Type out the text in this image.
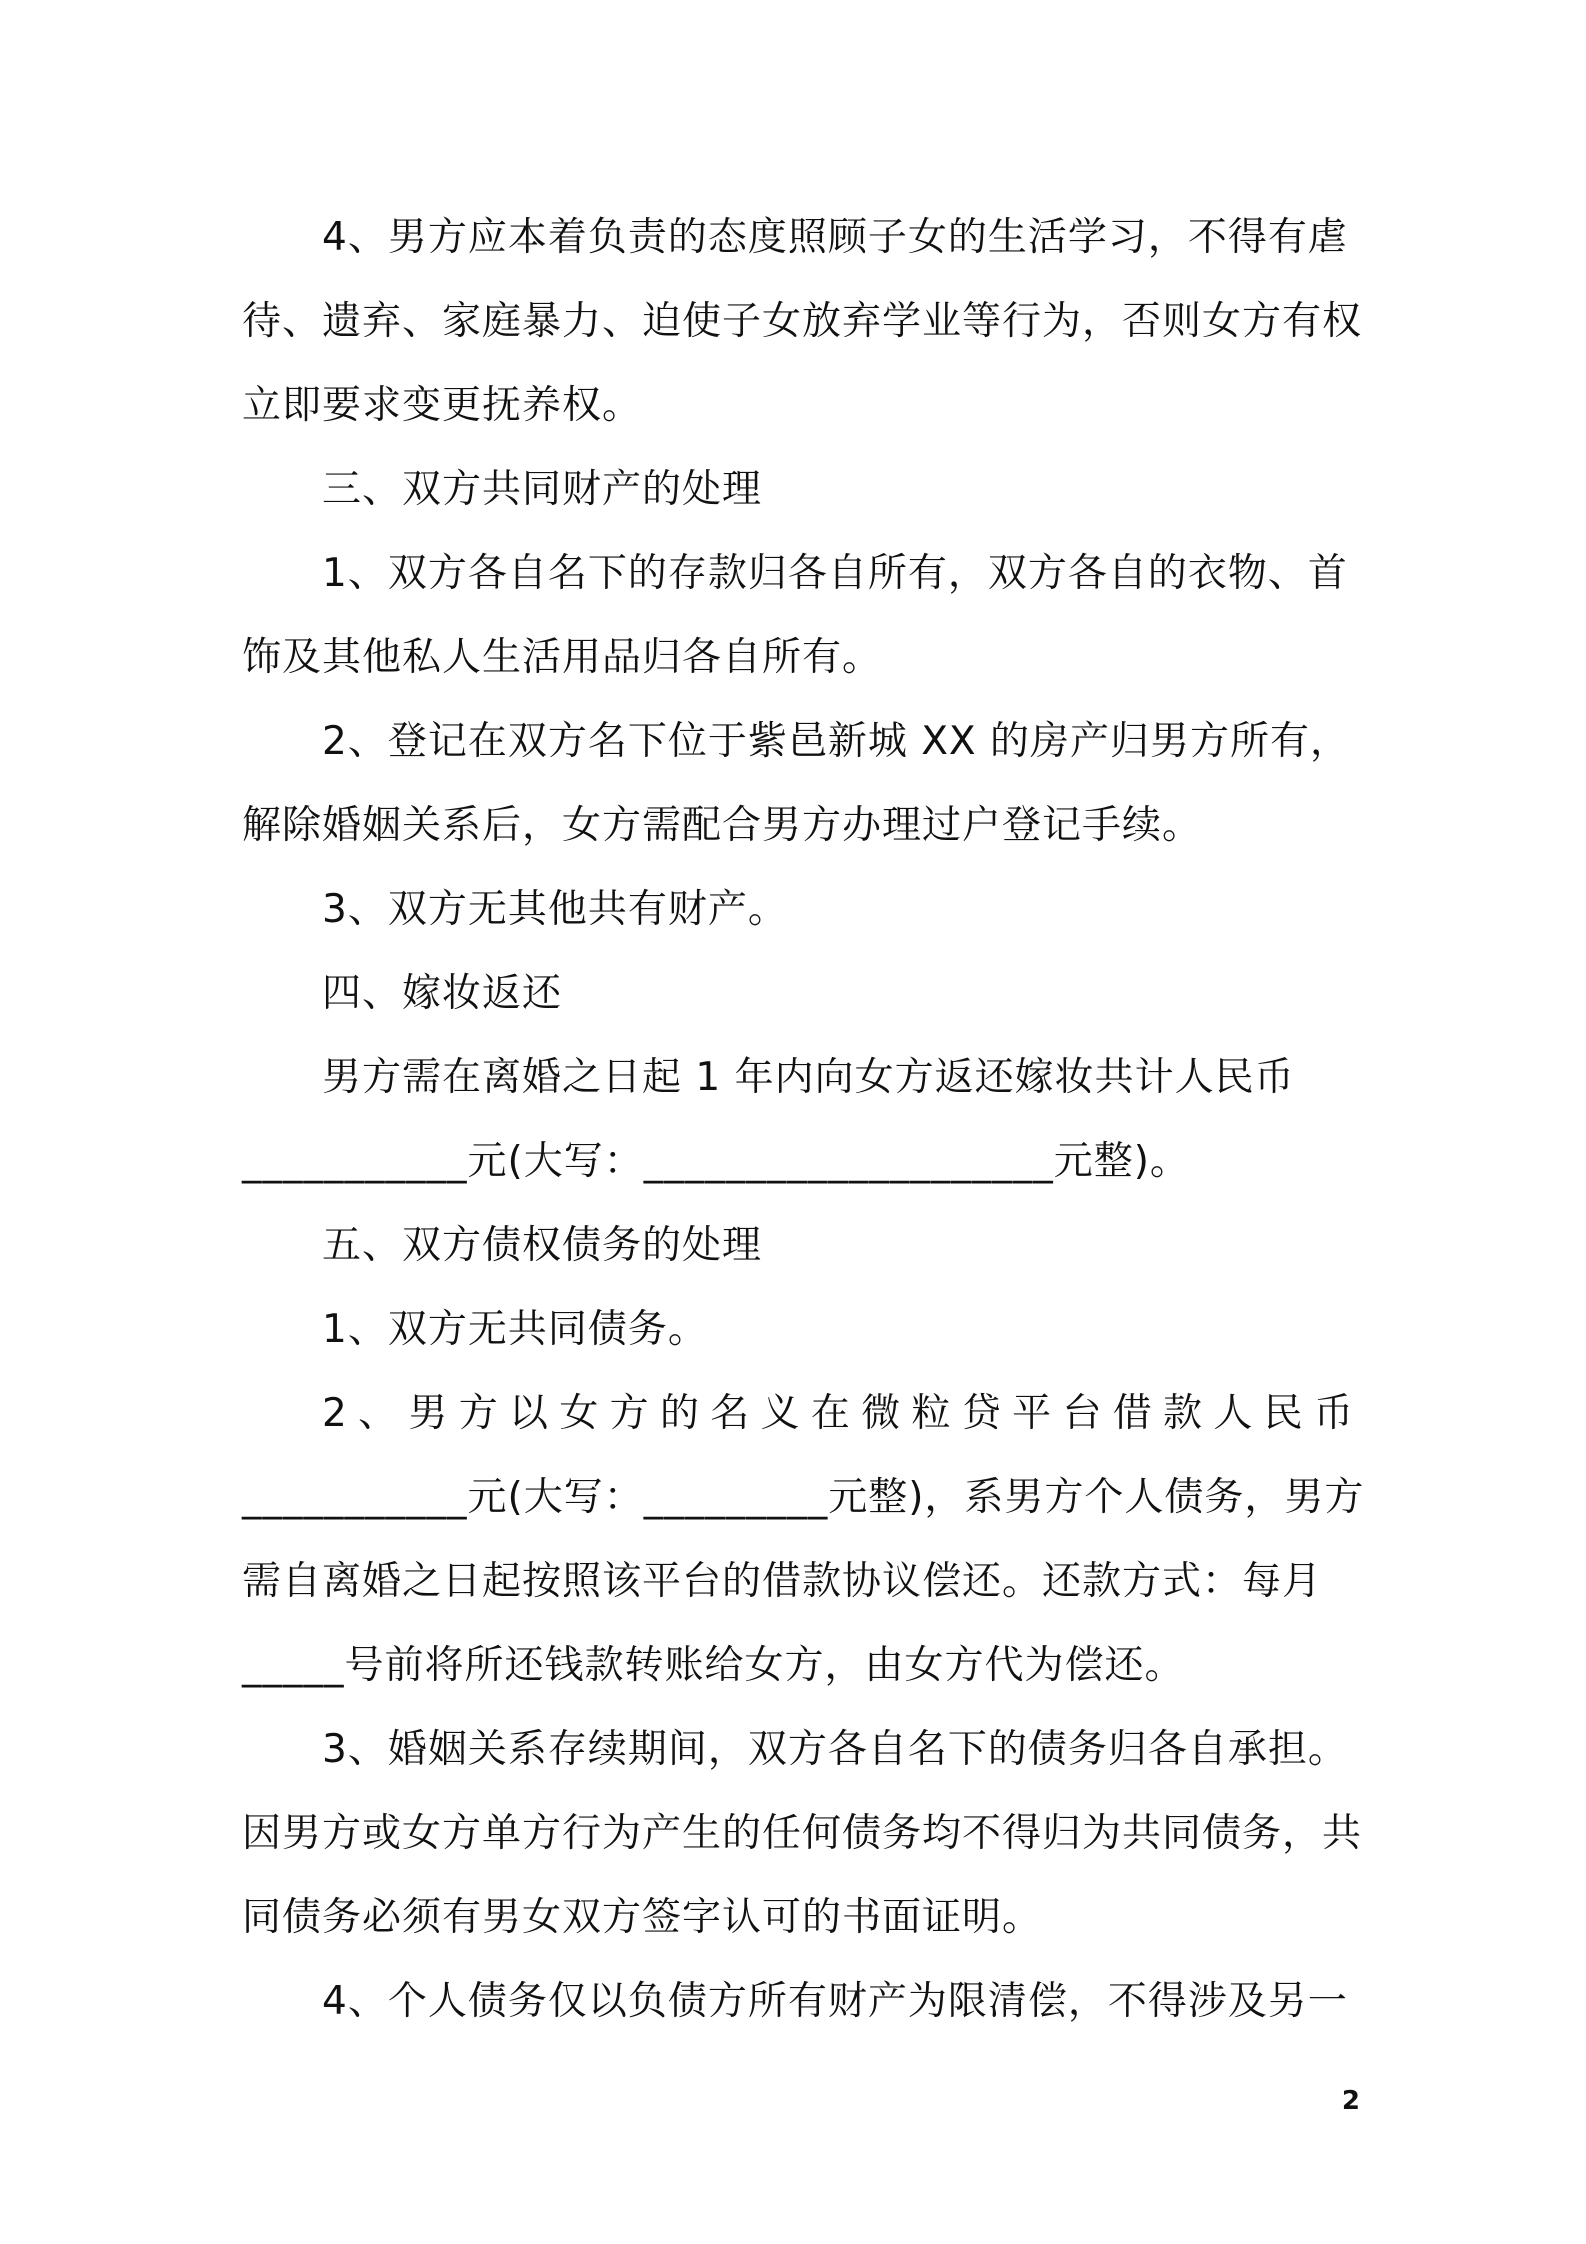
4、男方应本着负责的态度照顾子女的生活学习，不得有虐
待、遗弃、家庭暴力、迫使子女放弃学业等行为，否则女方有权
立即要求变更抚养权。
三、双方共同财产的处理
1、双方各自名下的存款归各自所有，双方各自的衣物、首
饰及其他私人生活用品归各自所有。
2、登记在双方名下位于紫邑新城 XX 的房产归男方所有，
解除婚姻关系后，女方需配合男方办理过户登记手续。
3、双方无其他共有财产。
四、嫁妆返还
男方需在离婚之日起 1 年内向女方返还嫁妆共计人民币
___________元(大写：____________________元整)。
五、双方债权债务的处理
1、双方无共同债务。
2、男方以女方的名义在微粒贷平台借款人民币
___________元(大写：_________元整)，系男方个人债务，男方
需自离婚之日起按照该平台的借款协议偿还。还款方式：每月
_____号前将所还钱款转账给女方，由女方代为偿还。
3、婚姻关系存续期间，双方各自名下的债务归各自承担。
因男方或女方单方行为产生的任何债务均不得归为共同债务，共
同债务必须有男女双方签字认可的书面证明。
4、个人债务仅以负债方所有财产为限清偿，不得涉及另一
2
